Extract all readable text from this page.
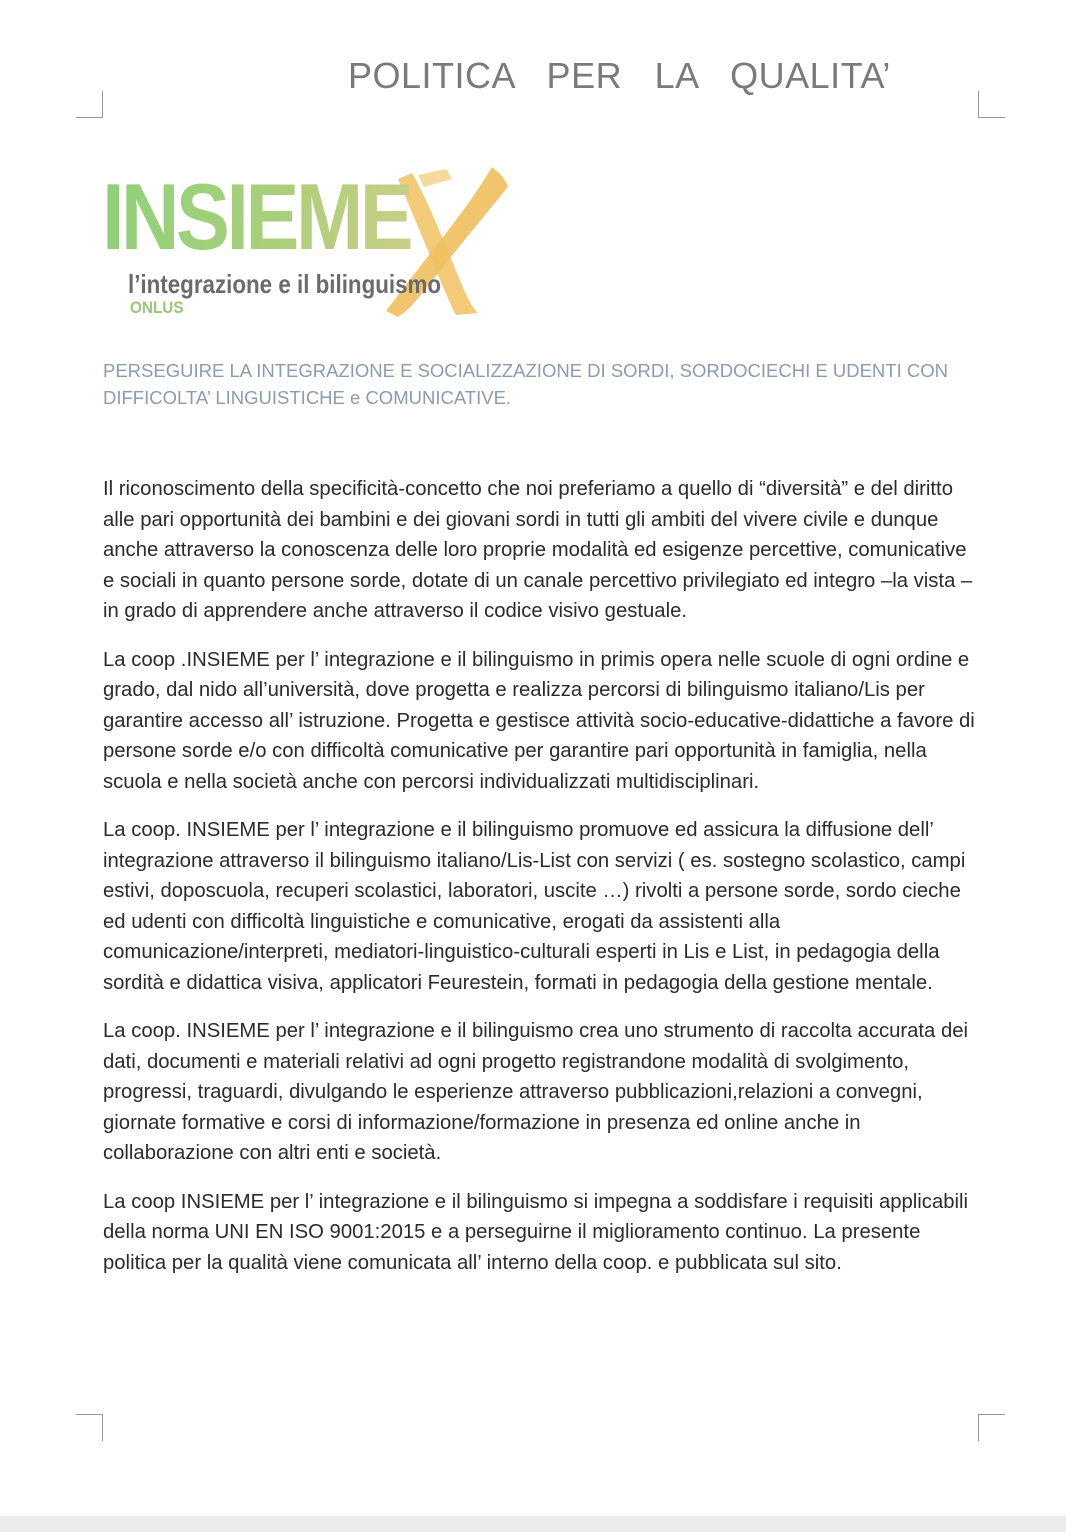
POLITICA PER LA QUALITA’
INSIEME
l’integrazione e il bilinguismo
ONLUS

PERSEGUIRE LA INTEGRAZIONE E SOCIALIZZAZIONE DI SORDI, SORDOCIECHI E UDENTI CON DIFFICOLTA’ LINGUISTICHE e COMUNICATIVE.

Il riconoscimento della specificità-concetto che noi preferiamo a quello di “diversità” e del diritto alle pari opportunità dei bambini e dei giovani sordi in tutti gli ambiti del vivere civile e dunque anche attraverso la conoscenza delle loro proprie modalità ed esigenze percettive, comunicative e sociali in quanto persone sorde, dotate di un canale percettivo privilegiato ed integro –la vista – in grado di apprendere anche attraverso il codice visivo gestuale.

La coop .INSIEME per l’ integrazione e il bilinguismo in primis opera nelle scuole di ogni ordine e grado, dal nido all’università, dove progetta e realizza percorsi di bilinguismo italiano/Lis per garantire accesso all’ istruzione. Progetta e gestisce attività socio-educative-didattiche a favore di persone sorde e/o con difficoltà comunicative per garantire pari opportunità in famiglia, nella scuola e nella società anche con percorsi individualizzati multidisciplinari.

La coop. INSIEME per l’ integrazione e il bilinguismo promuove ed assicura la diffusione dell’ integrazione attraverso il bilinguismo italiano/Lis-List con servizi ( es. sostegno scolastico, campi estivi, doposcuola, recuperi scolastici, laboratori, uscite …) rivolti a persone sorde, sordo cieche ed udenti con difficoltà linguistiche e comunicative, erogati da assistenti alla comunicazione/interpreti, mediatori-linguistico-culturali esperti in Lis e List, in pedagogia della sordità e didattica visiva, applicatori Feurestein, formati in pedagogia della gestione mentale.

La coop. INSIEME per l’ integrazione e il bilinguismo crea uno strumento di raccolta accurata dei dati, documenti e materiali relativi ad ogni progetto registrandone modalità di svolgimento, progressi, traguardi, divulgando le esperienze attraverso pubblicazioni,relazioni a convegni, giornate formative e corsi di informazione/formazione in presenza ed online anche in collaborazione con altri enti e società.

La coop INSIEME per l’ integrazione e il bilinguismo si impegna a soddisfare i requisiti applicabili della norma UNI EN ISO 9001:2015 e a perseguirne il miglioramento continuo. La presente politica per la qualità viene comunicata all’ interno della coop. e pubblicata sul sito.
